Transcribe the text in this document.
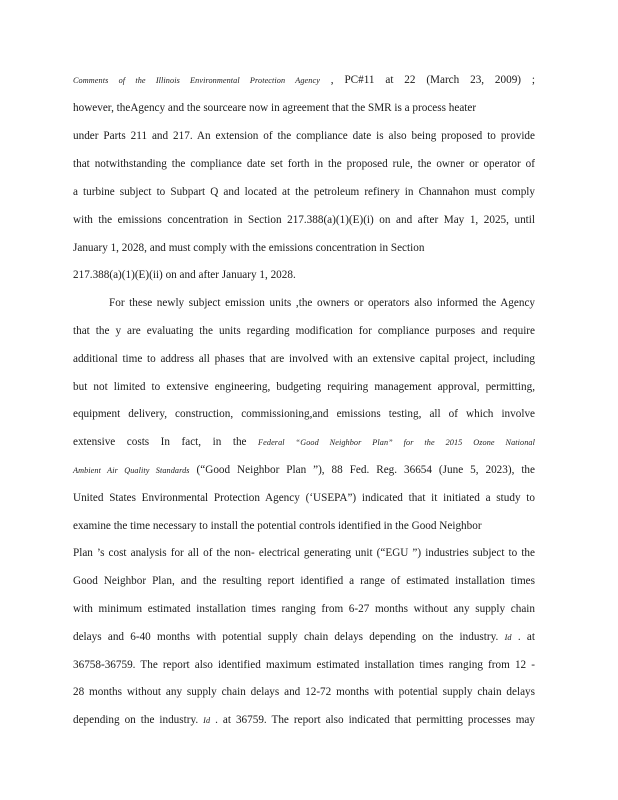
Comments of the Illinois Environmental Protection Agency , PC#11 at 22 (March 23, 2009) ;
however, theAgency and the sourceare now in agreement that the SMR is a process heater
under Parts 211 and 217. An extension of the compliance date is also being proposed to provide
that notwithstanding the compliance date set forth in the proposed rule, the owner or operator of
a turbine subject to Subpart Q and located at the petroleum refinery in Channahon must comply
with the emissions concentration in Section 217.388(a)(1)(E)(i) on and after May 1, 2025, until
January 1, 2028, and must comply with the emissions concentration in Section
217.388(a)(1)(E)(ii) on and after January 1, 2028.
For these newly subject emission units ,the owners or operators also informed the Agency
that the y are evaluating the units regarding modification for compliance purposes and require
additional time to address all phases that are involved with an extensive capital project, including
but not limited to extensive engineering, budgeting requiring management approval, permitting,
equipment delivery, construction, commissioning,and emissions testing, all of which involve
extensive costs In fact, in the Federal “Good Neighbor Plan” for the 2015 Ozone National
Ambient Air Quality Standards (“Good Neighbor Plan ”), 88 Fed. Reg. 36654 (June 5, 2023), the
United States Environmental Protection Agency (‘USEPA”) indicated that it initiated a study to
examine the time necessary to install the potential controls identified in the Good Neighbor
Plan ’s cost analysis for all of the non- electrical generating unit (“EGU ”) industries subject to the
Good Neighbor Plan, and the resulting report identified a range of estimated installation times
with minimum estimated installation times ranging from 6-27 months without any supply chain
delays and 6-40 months with potential supply chain delays depending on the industry. Id . at
36758-36759. The report also identified maximum estimated installation times ranging from 12 -
28 months without any supply chain delays and 12-72 months with potential supply chain delays
depending on the industry. Id . at 36759. The report also indicated that permitting processes may
